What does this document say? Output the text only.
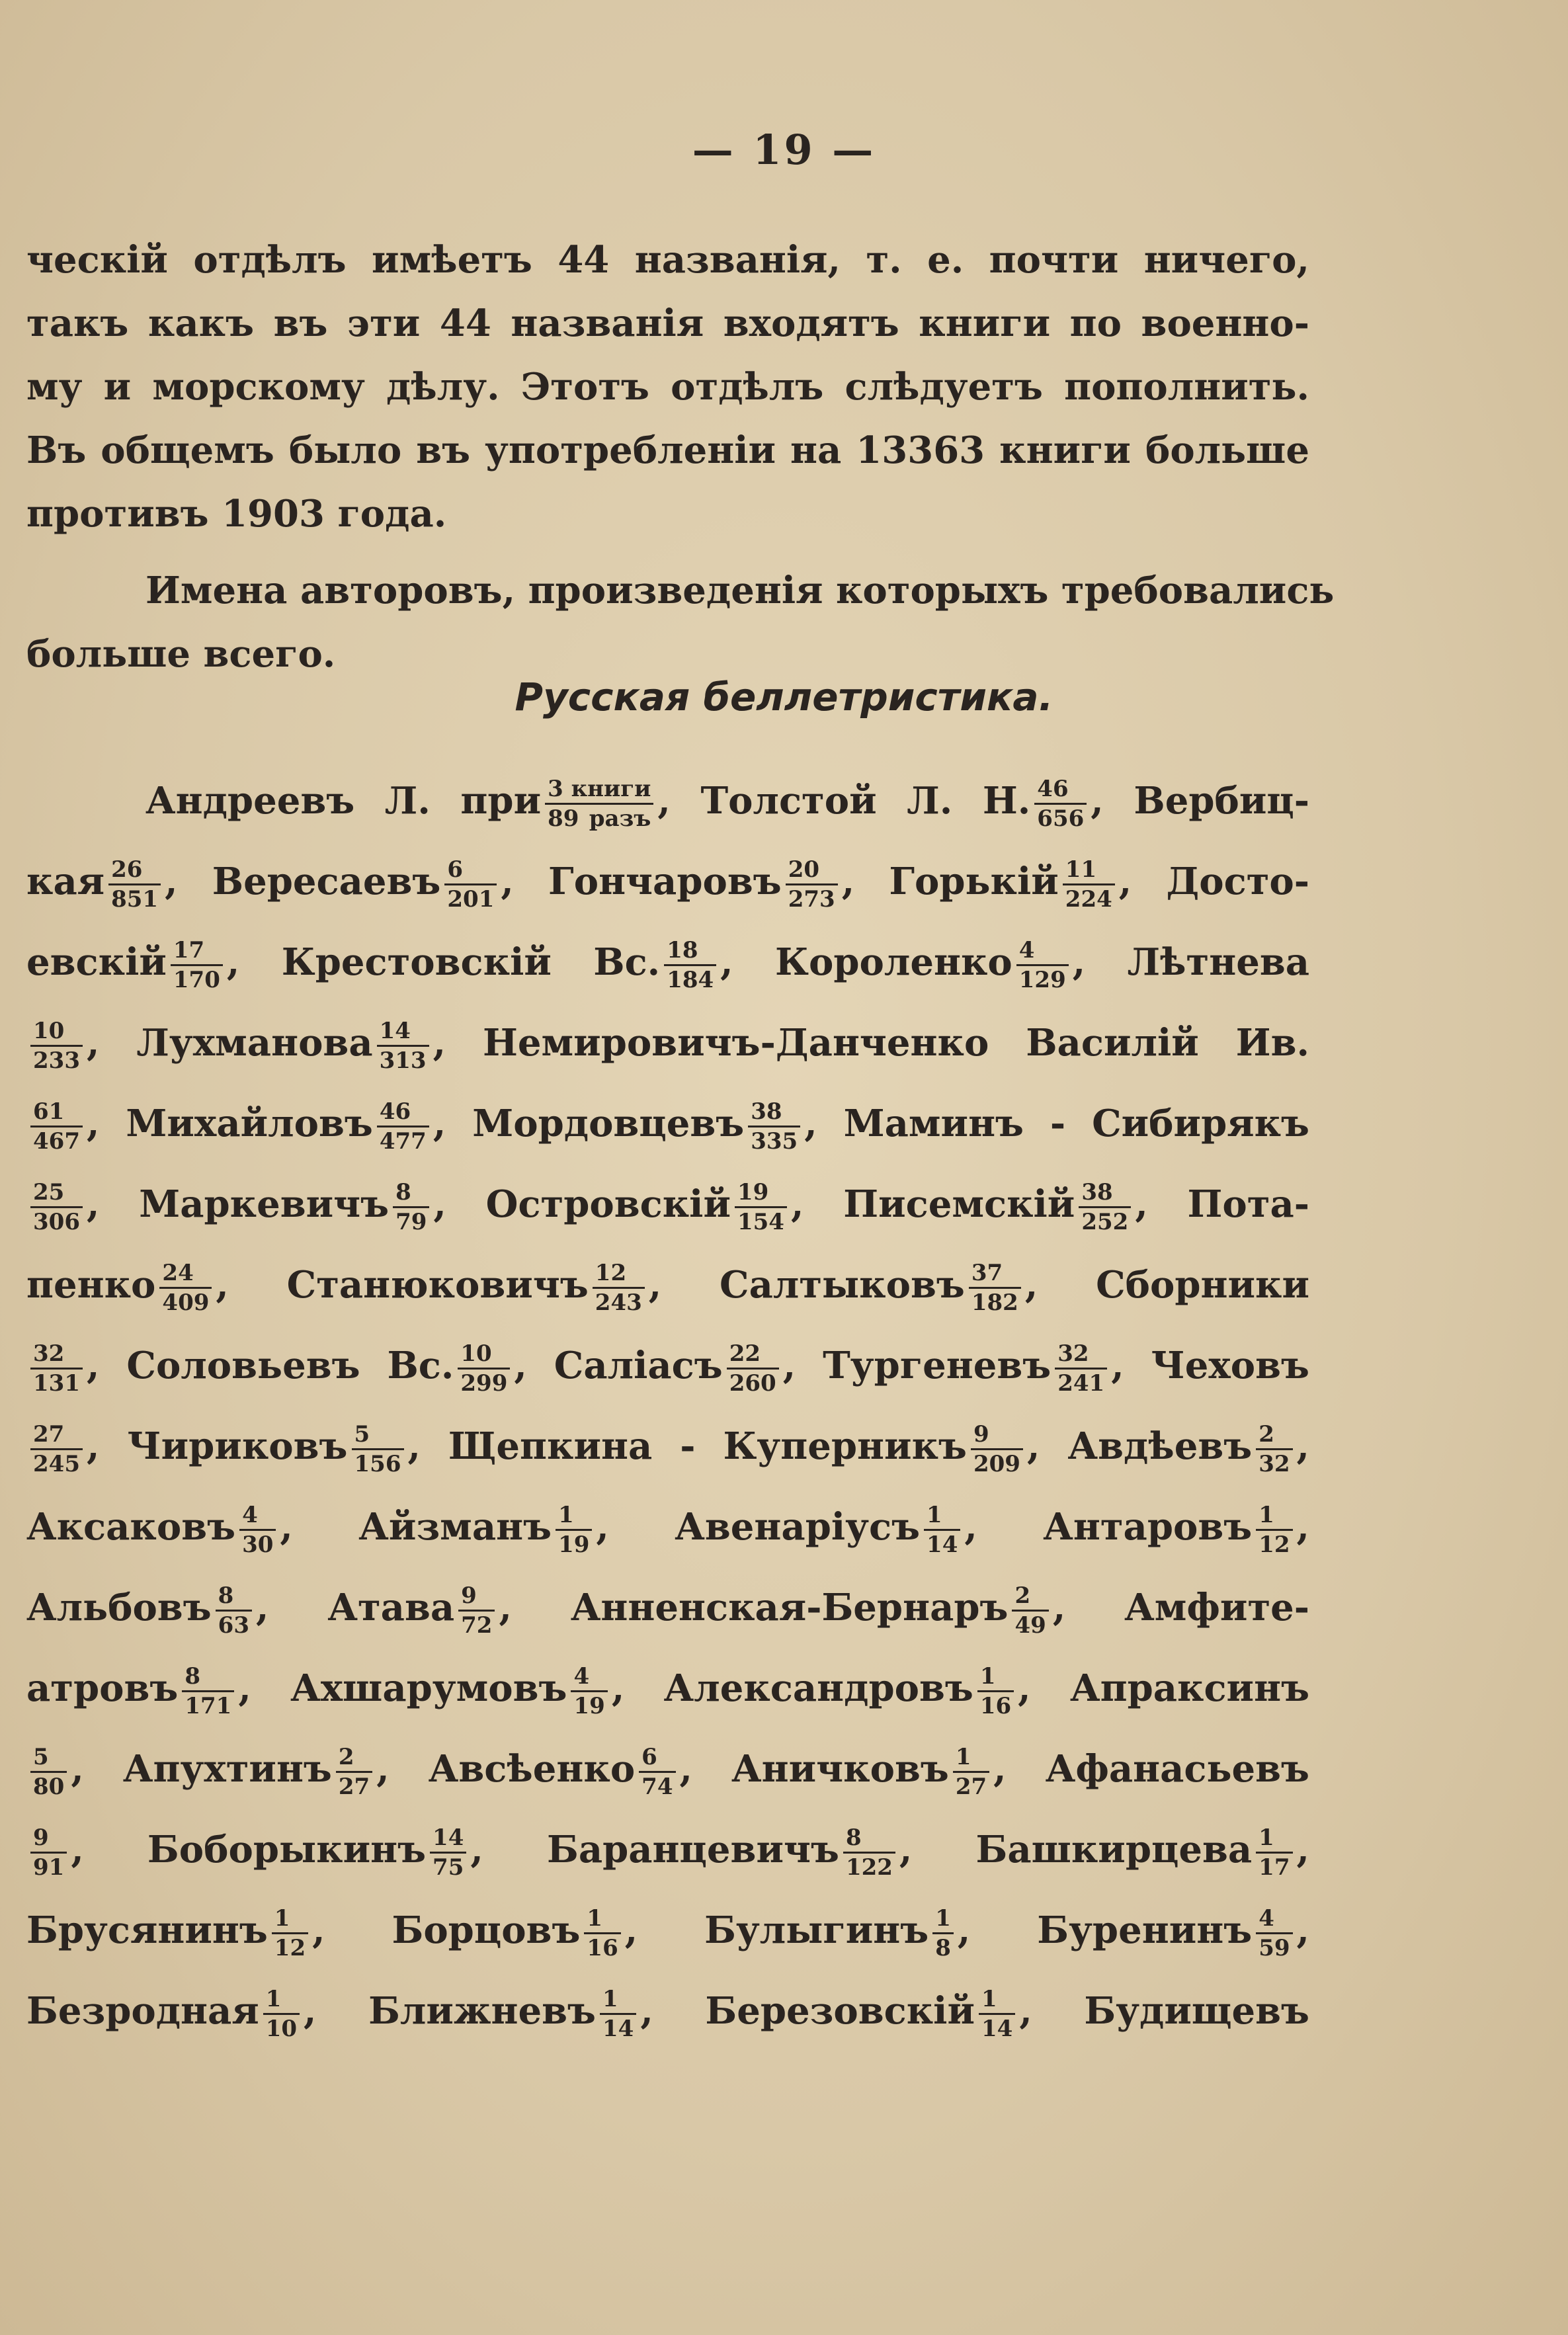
— 19 —
ческій отдѣлъ имѣетъ 44 названія, т. е. почти ничего,
такъ какъ въ эти 44 названія входятъ книги по военно-
му и морскому дѣлу. Этотъ отдѣлъ слѣдуетъ пополнить.
Въ общемъ было въ употребленіи на 13363 книги больше
противъ 1903 года.
Имена авторовъ, произведенія которыхъ требовались
больше всего.
Русская беллетристика.
Андреевъ Л. при $\frac{\text{3 книги}}{\text{89 разъ}}$ , Толстой Л. Н. $\frac{46}{656}$ , Вербиц-
кая $\frac{26}{851}$ , Вересаевъ $\frac{6}{201}$ , Гончаровъ $\frac{20}{273}$ , Горькій $\frac{11}{224}$ , Досто-
евскій $\frac{17}{170}$ , Крестовскій Вс. $\frac{18}{184}$ , Короленко $\frac{4}{129}$ , Лѣтнева
$\frac{10}{233}$ , Лухманова $\frac{14}{313}$ , Немировичъ-Данченко Василій Ив.
$\frac{61}{467}$ , Михайловъ $\frac{46}{477}$ , Мордовцевъ $\frac{38}{335}$ , Маминъ - Сибирякъ
$\frac{25}{306}$ , Маркевичъ $\frac{8}{79}$ , Островскій $\frac{19}{154}$ , Писемскій $\frac{38}{252}$ , Пота-
пенко $\frac{24}{409}$ , Станюковичъ $\frac{12}{243}$ , Салтыковъ $\frac{37}{182}$ , Сборники
$\frac{32}{131}$ , Соловьевъ Вс. $\frac{10}{299}$ , Саліасъ $\frac{22}{260}$ , Тургеневъ $\frac{32}{241}$ , Чеховъ
$\frac{27}{245}$ , Чириковъ $\frac{5}{156}$ , Щепкина - Куперникъ $\frac{9}{209}$ , Авдѣевъ $\frac{2}{32}$ ,
Аксаковъ $\frac{4}{30}$ , Айзманъ $\frac{1}{19}$ , Авенаріусъ $\frac{1}{14}$ , Антаровъ $\frac{1}{12}$ ,
Альбовъ $\frac{8}{63}$ , Атава $\frac{9}{72}$ , Анненская-Бернаръ $\frac{2}{49}$ , Амфите-
атровъ $\frac{8}{171}$ , Ахшарумовъ $\frac{4}{19}$ , Александровъ $\frac{1}{16}$ , Апраксинъ
$\frac{5}{80}$ , Апухтинъ $\frac{2}{27}$ , Авсѣенко $\frac{6}{74}$ , Аничковъ $\frac{1}{27}$ , Афанасьевъ
$\frac{9}{91}$ , Боборыкинъ $\frac{14}{75}$ , Баранцевичъ $\frac{8}{122}$ , Башкирцева $\frac{1}{17}$ ,
Брусянинъ $\frac{1}{12}$ , Борцовъ $\frac{1}{16}$ , Булыгинъ $\frac{1}{8}$ , Буренинъ $\frac{4}{59}$ ,
Безродная $\frac{1}{10}$ , Ближневъ $\frac{1}{14}$ , Березовскій $\frac{1}{14}$ , Будищевъ
